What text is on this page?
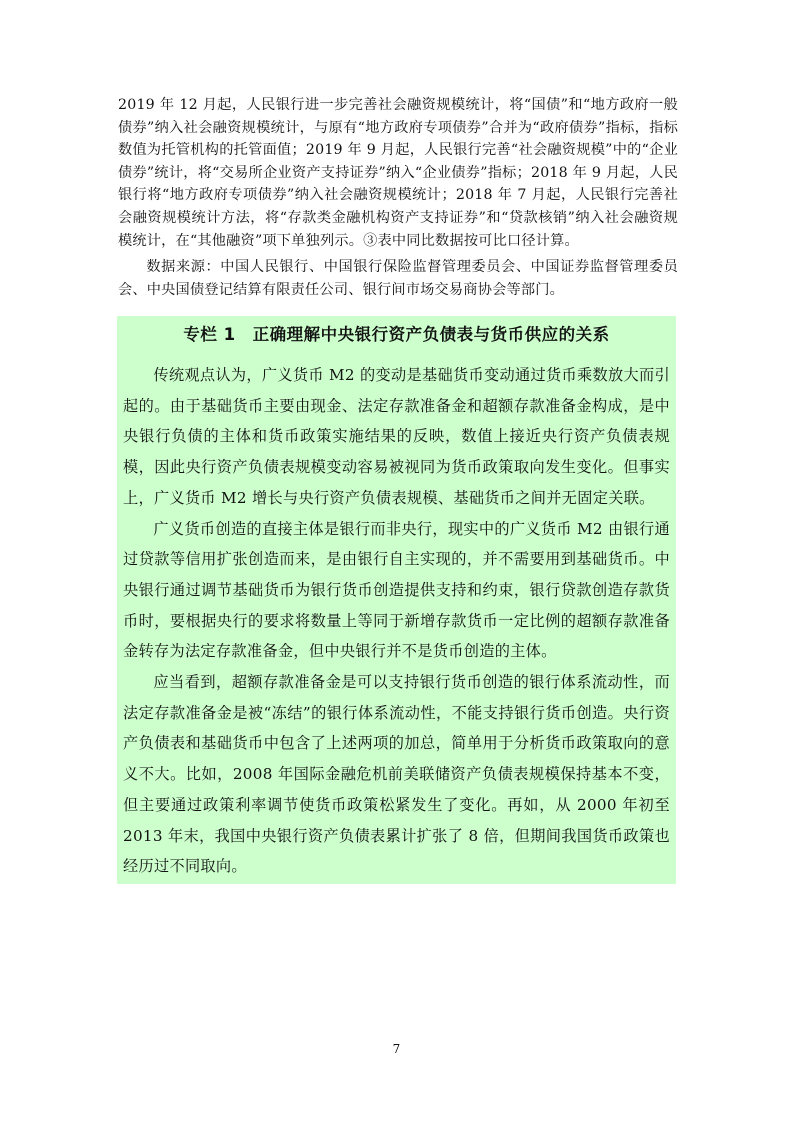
2019 年 12 月起，人民银行进一步完善社会融资规模统计，将“国债”和“地方政府一般债券”纳入社会融资规模统计，与原有“地方政府专项债券”合并为“政府债券”指标，指标数值为托管机构的托管面值；2019 年 9 月起，人民银行完善“社会融资规模”中的“企业债券”统计，将“交易所企业资产支持证券”纳入“企业债券”指标；2018 年 9 月起，人民银行将“地方政府专项债券”纳入社会融资规模统计；2018 年 7 月起，人民银行完善社会融资规模统计方法，将“存款类金融机构资产支持证券”和“贷款核销”纳入社会融资规模统计，在“其他融资”项下单独列示。③表中同比数据按可比口径计算。

数据来源：中国人民银行、中国银行保险监督管理委员会、中国证券监督管理委员会、中央国债登记结算有限责任公司、银行间市场交易商协会等部门。

专栏 1　正确理解中央银行资产负债表与货币供应的关系

传统观点认为，广义货币 M2 的变动是基础货币变动通过货币乘数放大而引起的。由于基础货币主要由现金、法定存款准备金和超额存款准备金构成，是中央银行负债的主体和货币政策实施结果的反映，数值上接近央行资产负债表规模，因此央行资产负债表规模变动容易被视同为货币政策取向发生变化。但事实上，广义货币 M2 增长与央行资产负债表规模、基础货币之间并无固定关联。

广义货币创造的直接主体是银行而非央行，现实中的广义货币 M2 由银行通过贷款等信用扩张创造而来，是由银行自主实现的，并不需要用到基础货币。中央银行通过调节基础货币为银行货币创造提供支持和约束，银行贷款创造存款货币时，要根据央行的要求将数量上等同于新增存款货币一定比例的超额存款准备金转存为法定存款准备金，但中央银行并不是货币创造的主体。

应当看到，超额存款准备金是可以支持银行货币创造的银行体系流动性，而法定存款准备金是被“冻结”的银行体系流动性，不能支持银行货币创造。央行资产负债表和基础货币中包含了上述两项的加总，简单用于分析货币政策取向的意义不大。比如，2008 年国际金融危机前美联储资产负债表规模保持基本不变，但主要通过政策利率调节使货币政策松紧发生了变化。再如，从 2000 年初至 2013 年末，我国中央银行资产负债表累计扩张了 8 倍，但期间我国货币政策也经历过不同取向。

7
